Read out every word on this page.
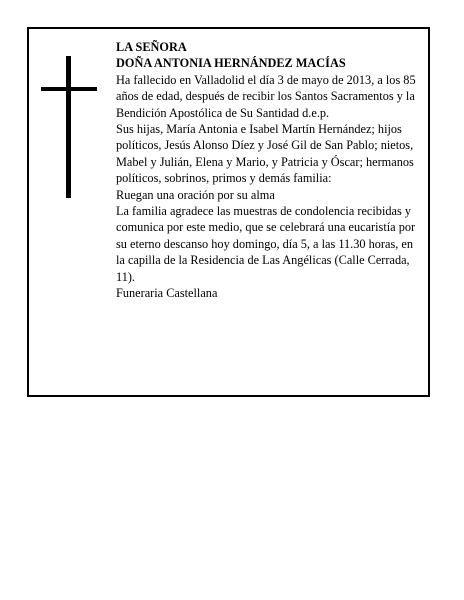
LA SEÑORA

DOÑA ANTONIA HERNÁNDEZ MACÍAS

Ha fallecido en Valladolid el día 3 de mayo de 2013, a los 85 años de edad, después de recibir los Santos Sacramentos y la Bendición Apostólica de Su Santidad d.e.p.

Sus hijas, María Antonia e Isabel Martín Hernández; hijos políticos, Jesús Alonso Díez y José Gil de San Pablo; nietos, Mabel y Julián, Elena y Mario, y Patricia y Óscar; hermanos políticos, sobrinos, primos y demás familia:

Ruegan una oración por su alma

La familia agradece las muestras de condolencia recibidas y comunica por este medio, que se celebrará una eucaristía por su eterno descanso hoy domingo, día 5, a las 11.30 horas, en la capilla de la Residencia de Las Angélicas (Calle Cerrada, 11).

Funeraria Castellana
